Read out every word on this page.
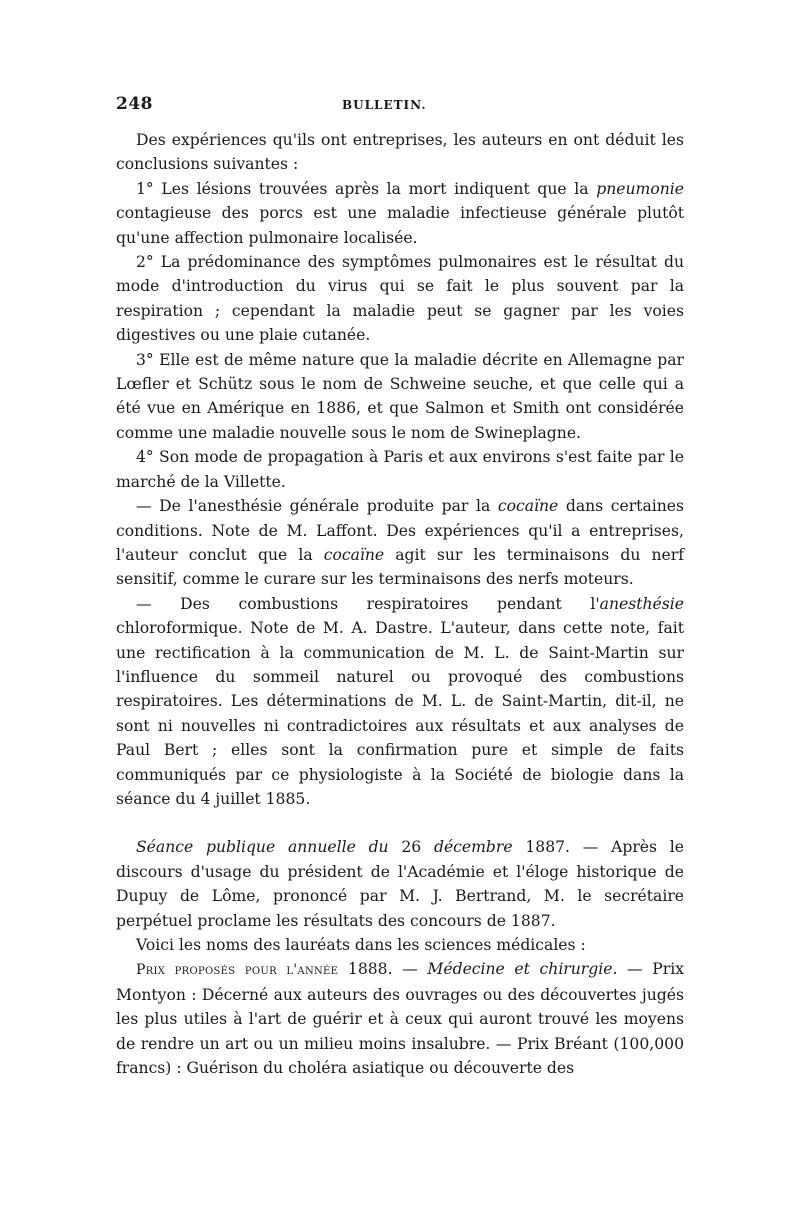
248	BULLETIN.

Des expériences qu'ils ont entreprises, les auteurs en ont déduit les conclusions suivantes :

1° Les lésions trouvées après la mort indiquent que la pneumonie contagieuse des porcs est une maladie infectieuse générale plutôt qu'une affection pulmonaire localisée.

2° La prédominance des symptômes pulmonaires est le résultat du mode d'introduction du virus qui se fait le plus souvent par la respiration ; cependant la maladie peut se gagner par les voies digestives ou une plaie cutanée.

3° Elle est de même nature que la maladie décrite en Allemagne par Lœfler et Schütz sous le nom de Schweine seuche, et que celle qui a été vue en Amérique en 1886, et que Salmon et Smith ont considérée comme une maladie nouvelle sous le nom de Swineplagne.

4° Son mode de propagation à Paris et aux environs s'est faite par le marché de la Villette.

— De l'anesthésie générale produite par la cocaïne dans certaines conditions. Note de M. Laffont. Des expériences qu'il a entreprises, l'auteur conclut que la cocaïne agit sur les terminaisons du nerf sensitif, comme le curare sur les terminaisons des nerfs moteurs.

— Des combustions respiratoires pendant l'anesthésie chloroformique. Note de M. A. Dastre. L'auteur, dans cette note, fait une rectification à la communication de M. L. de Saint-Martin sur l'influence du sommeil naturel ou provoqué des combustions respiratoires. Les déterminations de M. L. de Saint-Martin, dit-il, ne sont ni nouvelles ni contradictoires aux résultats et aux analyses de Paul Bert ; elles sont la confirmation pure et simple de faits communiqués par ce physiologiste à la Société de biologie dans la séance du 4 juillet 1885.

Séance publique annuelle du 26 décembre 1887. — Après le discours d'usage du président de l'Académie et l'éloge historique de Dupuy de Lôme, prononcé par M. J. Bertrand, M. le secrétaire perpétuel proclame les résultats des concours de 1887.

Voici les noms des lauréats dans les sciences médicales :

Prix proposés pour l'année 1888. — Médecine et chirurgie. — Prix Montyon : Décerné aux auteurs des ouvrages ou des découvertes jugés les plus utiles à l'art de guérir et à ceux qui auront trouvé les moyens de rendre un art ou un milieu moins insalubre. — Prix Bréant (100,000 francs) : Guérison du choléra asiatique ou découverte des
